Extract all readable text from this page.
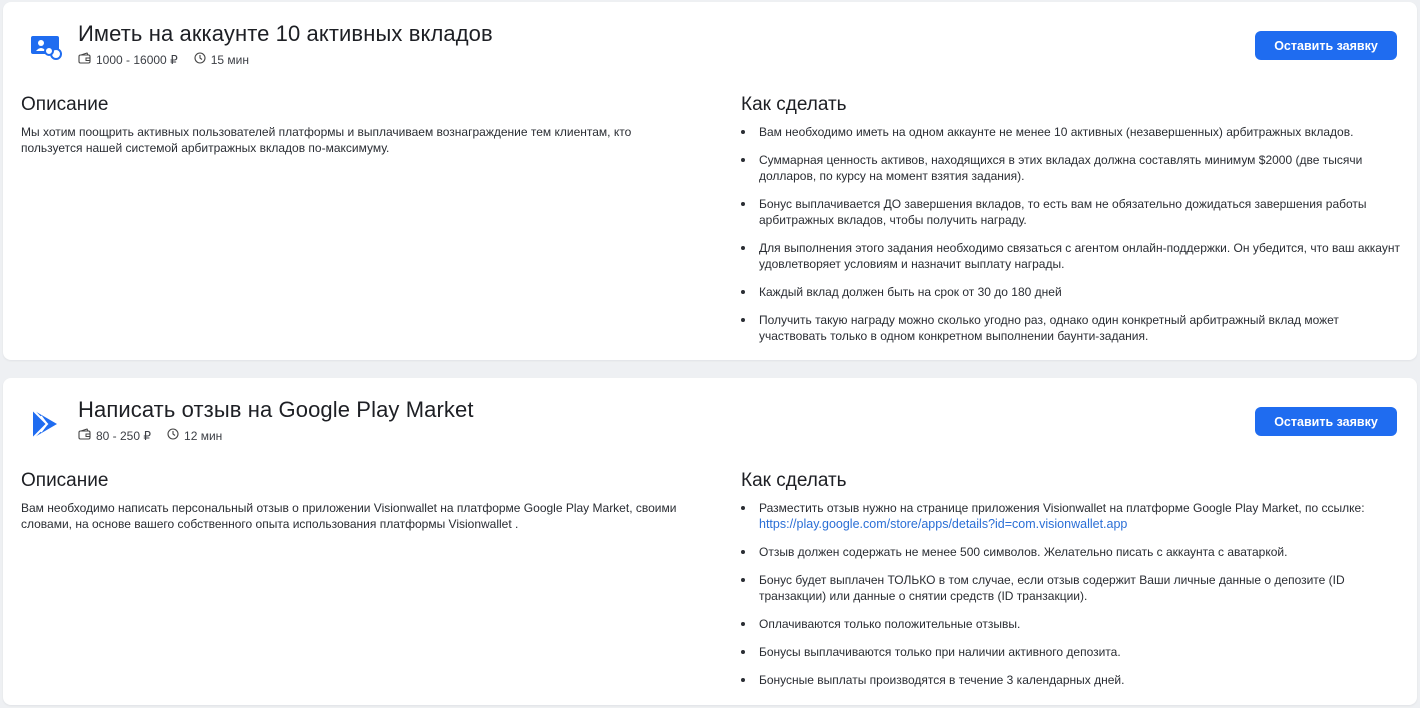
Иметь на аккаунте 10 активных вкладов
1000 - 16000 ₽	15 мин
Оставить заявку
Описание
Мы хотим поощрить активных пользователей платформы и выплачиваем вознаграждение тем клиентам, кто пользуется нашей системой арбитражных вкладов по-максимуму.
Как сделать
Вам необходимо иметь на одном аккаунте не менее 10 активных (незавершенных) арбитражных вкладов.
Суммарная ценность активов, находящихся в этих вкладах должна составлять минимум $2000 (две тысячи долларов, по курсу на момент взятия задания).
Бонус выплачивается ДО завершения вкладов, то есть вам не обязательно дожидаться завершения работы арбитражных вкладов, чтобы получить награду.
Для выполнения этого задания необходимо связаться с агентом онлайн-поддержки. Он убедится, что ваш аккаунт удовлетворяет условиям и назначит выплату награды.
Каждый вклад должен быть на срок от 30 до 180 дней
Получить такую награду можно сколько угодно раз, однако один конкретный арбитражный вклад может участвовать только в одном конкретном выполнении баунти-задания.
Написать отзыв на Google Play Market
80 - 250 ₽	12 мин
Оставить заявку
Описание
Вам необходимо написать персональный отзыв о приложении Visionwallet на платформе Google Play Market, своими словами, на основе вашего собственного опыта использования платформы Visionwallet .
Как сделать
Разместить отзыв нужно на странице приложения Visionwallet на платформе Google Play Market, по ссылке:
https://play.google.com/store/apps/details?id=com.visionwallet.app
Отзыв должен содержать не менее 500 символов. Желательно писать с аккаунта с аватаркой.
Бонус будет выплачен ТОЛЬКО в том случае, если отзыв содержит Ваши личные данные о депозите (ID транзакции) или данные о снятии средств (ID транзакции).
Оплачиваются только положительные отзывы.
Бонусы выплачиваются только при наличии активного депозита.
Бонусные выплаты производятся в течение 3 календарных дней.
